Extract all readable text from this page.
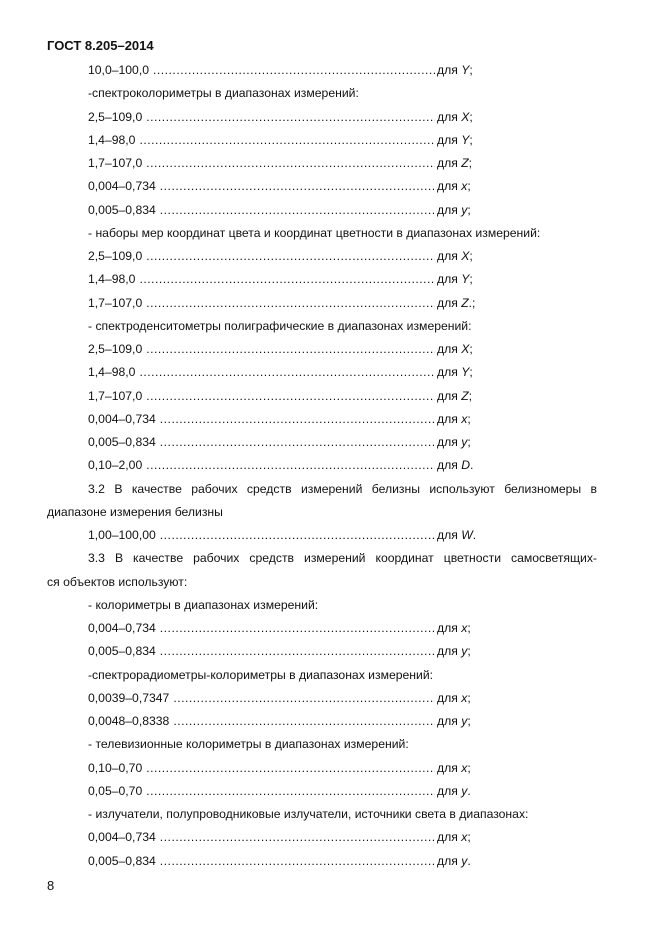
ГОСТ 8.205–2014
10,0–100,0 .....	для Y;
-спектроколориметры в диапазонах измерений:
2,5–109,0 .....	для X;
1,4–98,0 .....	для Y;
1,7–107,0 .....	для Z;
0,004–0,734 .....	для x;
0,005–0,834 .....	для y;
- наборы мер координат цвета и координат цветности в диапазонах измерений:
2,5–109,0 .....	для X;
1,4–98,0 .....	для Y;
1,7–107,0 .....	для Z.;
- спектроденситометры полиграфические в диапазонах измерений:
2,5–109,0 .....	для X;
1,4–98,0 .....	для Y;
1,7–107,0 .....	для Z;
0,004–0,734 .....	для x;
0,005–0,834 .....	для y;
0,10–2,00 .....	для D.
3.2 В качестве рабочих средств измерений белизны используют белизномеры в
диапазоне измерения белизны
1,00–100,00 .....	для W.
3.3 В качестве рабочих средств измерений координат цветности самосветящих-
ся объектов используют:
- колориметры в диапазонах измерений:
0,004–0,734 .....	для x;
0,005–0,834 .....	для y;
-спектрорадиометры-колориметры в диапазонах измерений:
0,0039–0,7347 .....	для x;
0,0048–0,8338 .....	для y;
- телевизионные колориметры в диапазонах измерений:
0,10–0,70 .....	для x;
0,05–0,70 .....	для y.
- излучатели, полупроводниковые излучатели, источники света в диапазонах:
0,004–0,734 .....	для x;
0,005–0,834 .....	для y.
8
